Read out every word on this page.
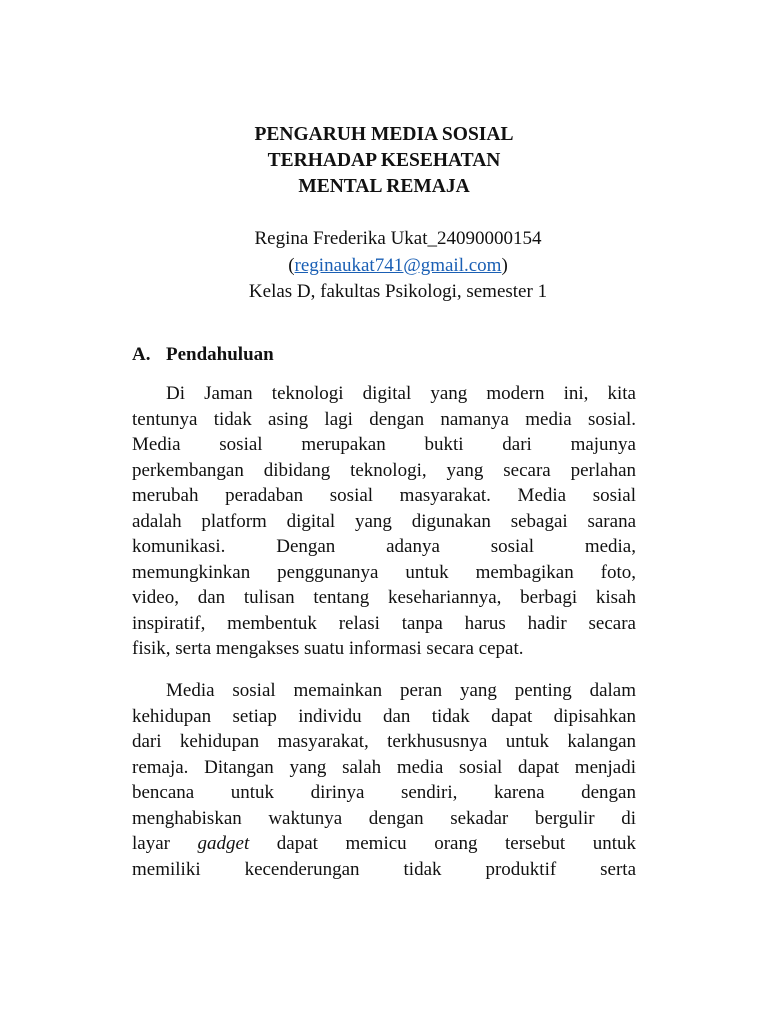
PENGARUH MEDIA SOSIAL
TERHADAP KESEHATAN
MENTAL REMAJA
Regina Frederika Ukat_24090000154
(reginaukat741@gmail.com)
Kelas D, fakultas Psikologi, semester 1
A. Pendahuluan
Di Jaman teknologi digital yang modern ini, kita
tentunya tidak asing lagi dengan namanya media sosial.
Media sosial merupakan bukti dari majunya
perkembangan dibidang teknologi, yang secara perlahan
merubah peradaban sosial masyarakat. Media sosial
adalah platform digital yang digunakan sebagai sarana
komunikasi. Dengan adanya sosial media,
memungkinkan penggunanya untuk membagikan foto,
video, dan tulisan tentang kesehariannya, berbagi kisah
inspiratif, membentuk relasi tanpa harus hadir secara
fisik, serta mengakses suatu informasi secara cepat.
Media sosial memainkan peran yang penting dalam
kehidupan setiap individu dan tidak dapat dipisahkan
dari kehidupan masyarakat, terkhususnya untuk kalangan
remaja. Ditangan yang salah media sosial dapat menjadi
bencana untuk dirinya sendiri, karena dengan
menghabiskan waktunya dengan sekadar bergulir di
layar gadget dapat memicu orang tersebut untuk
memiliki kecenderungan tidak produktif serta
